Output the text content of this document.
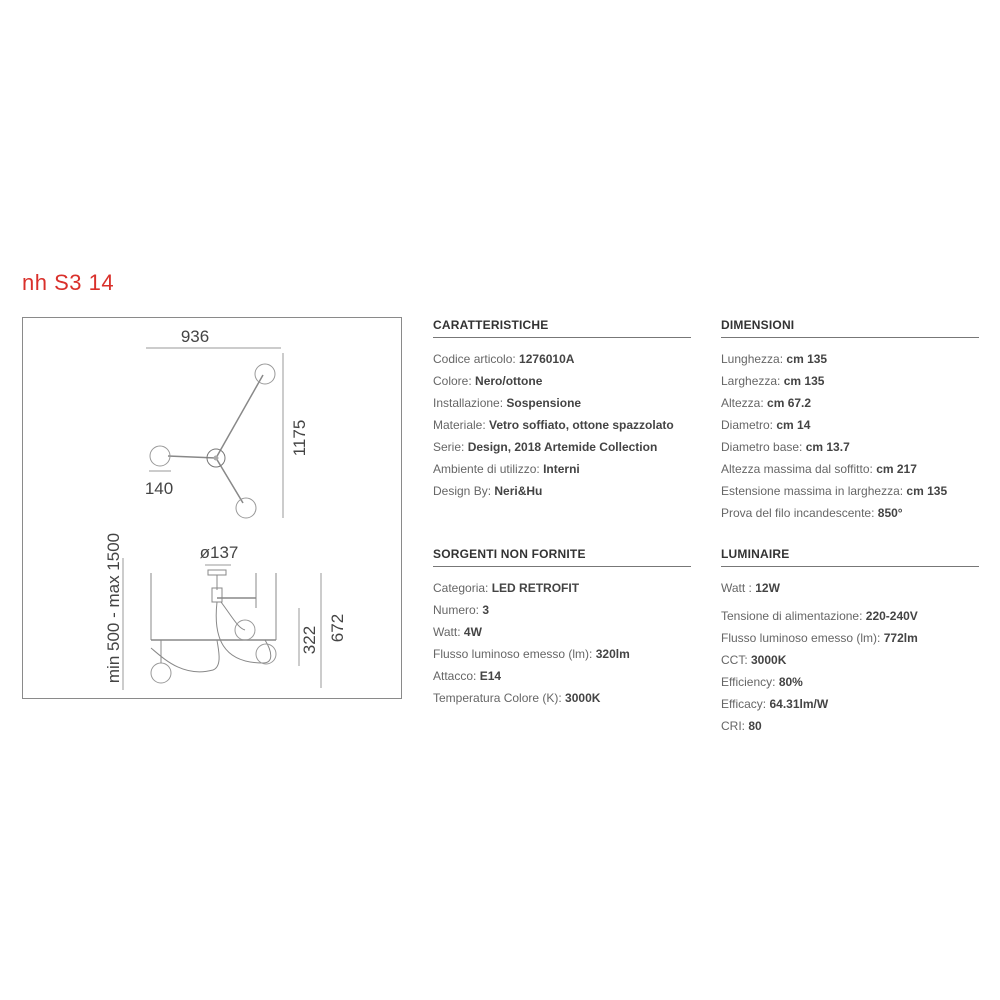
nh S3 14
936
1175
140
ø137
min 500 - max 1500	322 672
CARATTERISTICHE
Codice articolo: 1276010A
Colore: Nero/ottone
Installazione: Sospensione
Materiale: Vetro soffiato, ottone spazzolato
Serie: Design, 2018 Artemide Collection
Ambiente di utilizzo: Interni
Design By: Neri&Hu
DIMENSIONI
Lunghezza: cm 135
Larghezza: cm 135
Altezza: cm 67.2
Diametro: cm 14
Diametro base: cm 13.7
Altezza massima dal soffitto: cm 217
Estensione massima in larghezza: cm 135
Prova del filo incandescente: 850°
SORGENTI NON FORNITE
Categoria: LED RETROFIT
Numero: 3
Watt: 4W
Flusso luminoso emesso (lm): 320lm
Attacco: E14
Temperatura Colore (K): 3000K
LUMINAIRE
Watt : 12W
Tensione di alimentazione: 220-240V
Flusso luminoso emesso (lm): 772lm
CCT: 3000K
Efficiency: 80%
Efficacy: 64.31lm/W
CRI: 80
